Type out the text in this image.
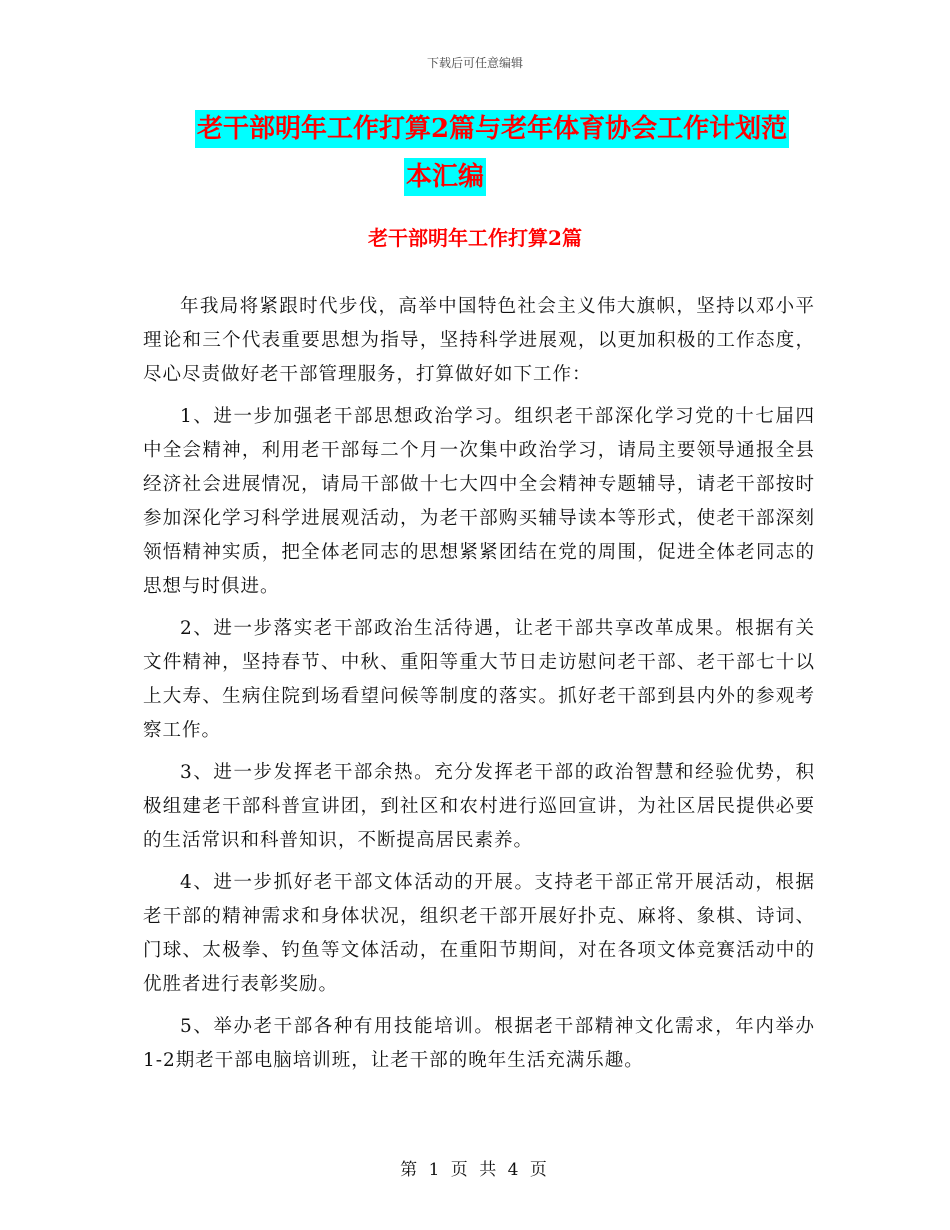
下载后可任意编辑
老干部明年工作打算2篇与老年体育协会工作计划范
本汇编
老干部明年工作打算2篇

年我局将紧跟时代步伐，高举中国特色社会主义伟大旗帜，坚持以邓小平理论和三个代表重要思想为指导，坚持科学进展观，以更加积极的工作态度，尽心尽责做好老干部管理服务，打算做好如下工作：

1、进一步加强老干部思想政治学习。组织老干部深化学习党的十七届四中全会精神，利用老干部每二个月一次集中政治学习，请局主要领导通报全县经济社会进展情况，请局干部做十七大四中全会精神专题辅导，请老干部按时参加深化学习科学进展观活动，为老干部购买辅导读本等形式，使老干部深刻领悟精神实质，把全体老同志的思想紧紧团结在党的周围，促进全体老同志的思想与时俱进。

2、进一步落实老干部政治生活待遇，让老干部共享改革成果。根据有关文件精神，坚持春节、中秋、重阳等重大节日走访慰问老干部、老干部七十以上大寿、生病住院到场看望问候等制度的落实。抓好老干部到县内外的参观考察工作。

3、进一步发挥老干部余热。充分发挥老干部的政治智慧和经验优势，积极组建老干部科普宣讲团，到社区和农村进行巡回宣讲，为社区居民提供必要的生活常识和科普知识，不断提高居民素养。

4、进一步抓好老干部文体活动的开展。支持老干部正常开展活动，根据老干部的精神需求和身体状况，组织老干部开展好扑克、麻将、象棋、诗词、门球、太极拳、钓鱼等文体活动，在重阳节期间，对在各项文体竞赛活动中的优胜者进行表彰奖励。

5、举办老干部各种有用技能培训。根据老干部精神文化需求，年内举办1-2期老干部电脑培训班，让老干部的晚年生活充满乐趣。

第 1 页 共 4 页
